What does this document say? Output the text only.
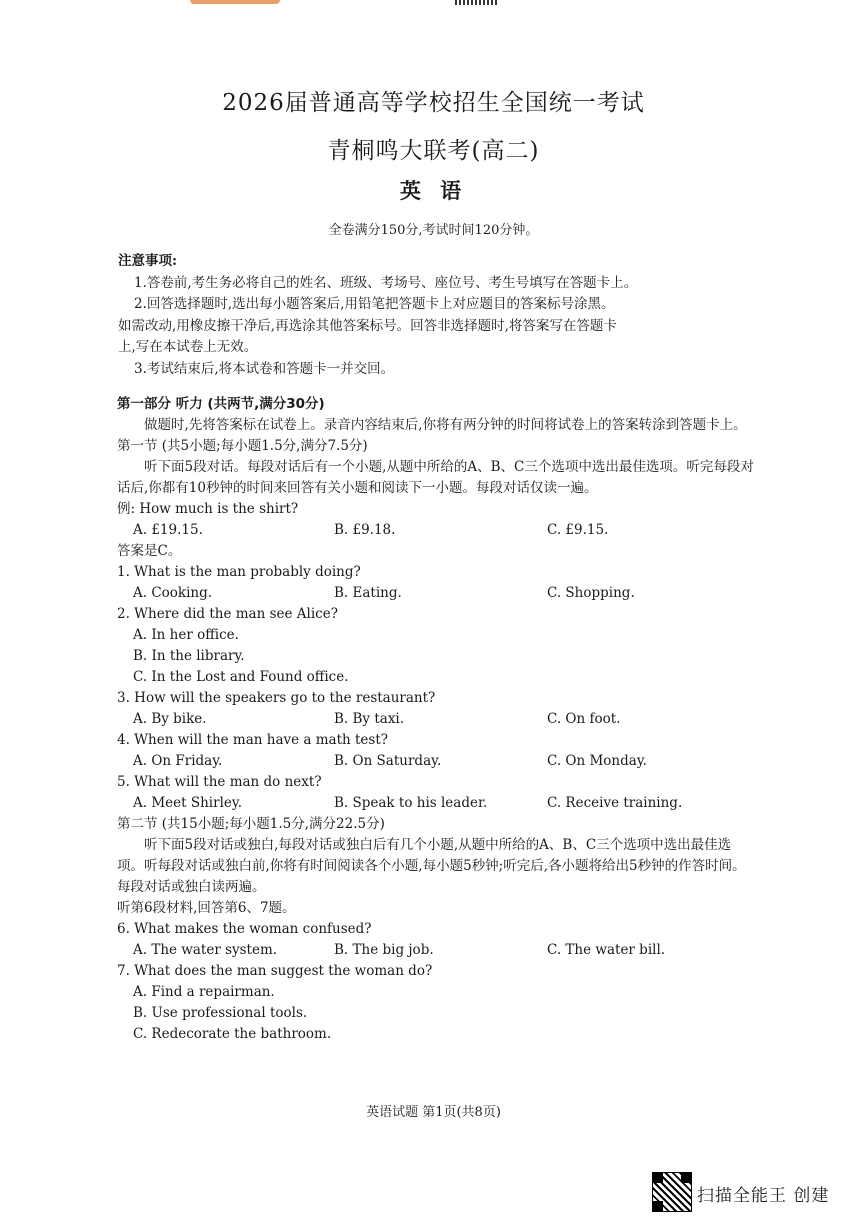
2026届普通高等学校招生全国统一考试
青桐鸣大联考(高二)
英 语
全卷满分150分,考试时间120分钟。
注意事项:
1.答卷前,考生务必将自己的姓名、班级、考场号、座位号、考生号填写在答题卡上。
2.回答选择题时,选出每小题答案后,用铅笔把答题卡上对应题目的答案标号涂黑。
如需改动,用橡皮擦干净后,再选涂其他答案标号。回答非选择题时,将答案写在答题卡
上,写在本试卷上无效。
3.考试结束后,将本试卷和答题卡一并交回。
第一部分 听力 (共两节,满分30分)
做题时,先将答案标在试卷上。录音内容结束后,你将有两分钟的时间将试卷上的答案转涂到答题卡上。
第一节 (共5小题;每小题1.5分,满分7.5分)
听下面5段对话。每段对话后有一个小题,从题中所给的A、B、C三个选项中选出最佳选项。听完每段对话后,你都有10秒钟的时间来回答有关小题和阅读下一小题。每段对话仅读一遍。
例: How much is the shirt?
A. £19.15.	B. £9.18.	C. £9.15.
答案是C。
1. What is the man probably doing?
A. Cooking.	B. Eating.	C. Shopping.
2. Where did the man see Alice?
A. In her office.
B. In the library.
C. In the Lost and Found office.
3. How will the speakers go to the restaurant?
A. By bike.	B. By taxi.	C. On foot.
4. When will the man have a math test?
A. On Friday.	B. On Saturday.	C. On Monday.
5. What will the man do next?
A. Meet Shirley.	B. Speak to his leader.	C. Receive training.
第二节 (共15小题;每小题1.5分,满分22.5分)
听下面5段对话或独白,每段对话或独白后有几个小题,从题中所给的A、B、C三个选项中选出最佳选项。听每段对话或独白前,你将有时间阅读各个小题,每小题5秒钟;听完后,各小题将给出5秒钟的作答时间。每段对话或独白读两遍。
听第6段材料,回答第6、7题。
6. What makes the woman confused?
A. The water system.	B. The big job.	C. The water bill.
7. What does the man suggest the woman do?
A. Find a repairman.
B. Use professional tools.
C. Redecorate the bathroom.
英语试题 第1页(共8页)
扫描全能王 创建
